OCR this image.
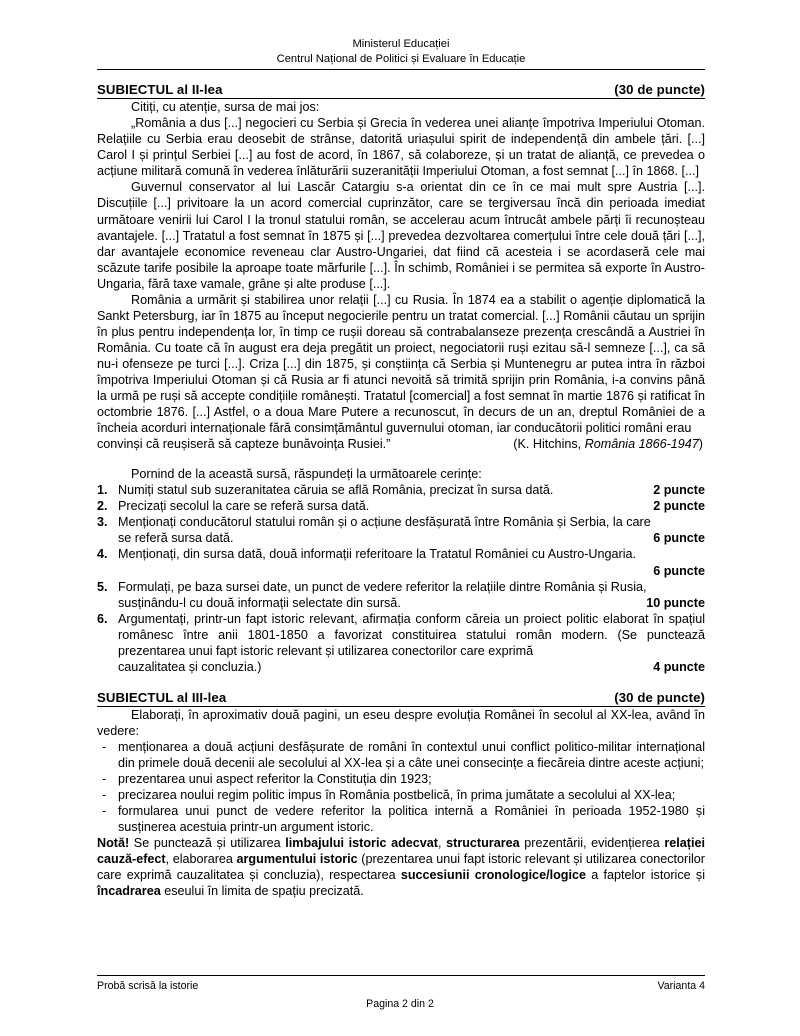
Ministerul Educației
Centrul Național de Politici și Evaluare în Educație
SUBIECTUL al II-lea	(30 de puncte)

Citiți, cu atenție, sursa de mai jos:

„România a dus [...] negocieri cu Serbia și Grecia în vederea unei alianțe împotriva Imperiului Otoman. Relațiile cu Serbia erau deosebit de strânse, datorită uriașului spirit de independență din ambele țări. [...] Carol I și prințul Serbiei [...] au fost de acord, în 1867, să colaboreze, și un tratat de alianță, ce prevedea o acțiune militară comună în vederea înlăturării suzeranității Imperiului Otoman, a fost semnat [...] în 1868. [...]

Guvernul conservator al lui Lascăr Catargiu s-a orientat din ce în ce mai mult spre Austria [...]. Discuțiile [...] privitoare la un acord comercial cuprinzător, care se tergiversau încă din perioada imediat următoare venirii lui Carol I la tronul statului român, se accelerau acum întrucât ambele părți îi recunoșteau avantajele. [...] Tratatul a fost semnat în 1875 și [...] prevedea dezvoltarea comerțului între cele două țări [...], dar avantajele economice reveneau clar Austro-Ungariei, dat fiind că acesteia i se acordaseră cele mai scăzute tarife posibile la aproape toate mărfurile [...]. În schimb, României i se permitea să exporte în Austro-Ungaria, fără taxe vamale, grâne și alte produse [...].

România a urmărit și stabilirea unor relații [...] cu Rusia. În 1874 ea a stabilit o agenție diplomatică la Sankt Petersburg, iar în 1875 au început negocierile pentru un tratat comercial. [...] Românii căutau un sprijin în plus pentru independența lor, în timp ce rușii doreau să contrabalanseze prezența crescândă a Austriei în România. Cu toate că în august era deja pregătit un proiect, negociatorii ruși ezitau să-l semneze [...], ca să nu-i ofenseze pe turci [...]. Criza [...] din 1875, și conștiința că Serbia și Muntenegru ar putea intra în război împotriva Imperiului Otoman și că Rusia ar fi atunci nevoită să trimită sprijin prin România, i-a convins până la urmă pe ruși să accepte condițiile românești. Tratatul [comercial] a fost semnat în martie 1876 și ratificat în octombrie 1876. [...] Astfel, o a doua Mare Putere a recunoscut, în decurs de un an, dreptul României de a încheia acorduri internaționale fără consimțământul guvernului otoman, iar conducătorii politici români erau

convinși că reușiseră să capteze bunăvoința Rusiei.”	(K. Hitchins, România 1866-1947)

Pornind de la această sursă, răspundeți la următoarele cerințe:

1. Numiți statul sub suzeranitatea căruia se află România, precizat în sursa dată.	2 puncte
2. Precizați secolul la care se referă sursa dată.	2 puncte
3. Menționați conducătorul statului român și o acțiune desfășurată între România și Serbia, la care
se referă sursa dată.	6 puncte
4. Menționați, din sursa dată, două informații referitoare la Tratatul României cu Austro-Ungaria.
6 puncte
5. Formulați, pe baza sursei date, un punct de vedere referitor la relațiile dintre România și Rusia,
susținându-l cu două informații selectate din sursă.	10 puncte
6. Argumentați, printr-un fapt istoric relevant, afirmația conform căreia un proiect politic elaborat în spațiul românesc între anii 1801-1850 a favorizat constituirea statului român modern. (Se punctează prezentarea unui fapt istoric relevant și utilizarea conectorilor care exprimă
cauzalitatea și concluzia.)	4 puncte
SUBIECTUL al III-lea	(30 de puncte)

Elaborați, în aproximativ două pagini, un eseu despre evoluția Românei în secolul al XX-lea, având în vedere:

- menționarea a două acțiuni desfășurate de români în contextul unui conflict politico-militar internațional din primele două decenii ale secolului al XX-lea și a câte unei consecințe a fiecăreia dintre aceste acțiuni;
- prezentarea unui aspect referitor la Constituția din 1923;
- precizarea noului regim politic impus în România postbelică, în prima jumătate a secolului al XX-lea;
- formularea unui punct de vedere referitor la politica internă a României în perioada 1952-1980 și susținerea acestuia printr-un argument istoric.

Notă! Se punctează și utilizarea limbajului istoric adecvat, structurarea prezentării, evidențierea relației cauză-efect, elaborarea argumentului istoric (prezentarea unui fapt istoric relevant și utilizarea conectorilor care exprimă cauzalitatea și concluzia), respectarea succesiunii cronologice/logice a faptelor istorice și încadrarea eseului în limita de spațiu precizată.

Probă scrisă la istorie	Varianta 4
Pagina 2 din 2
